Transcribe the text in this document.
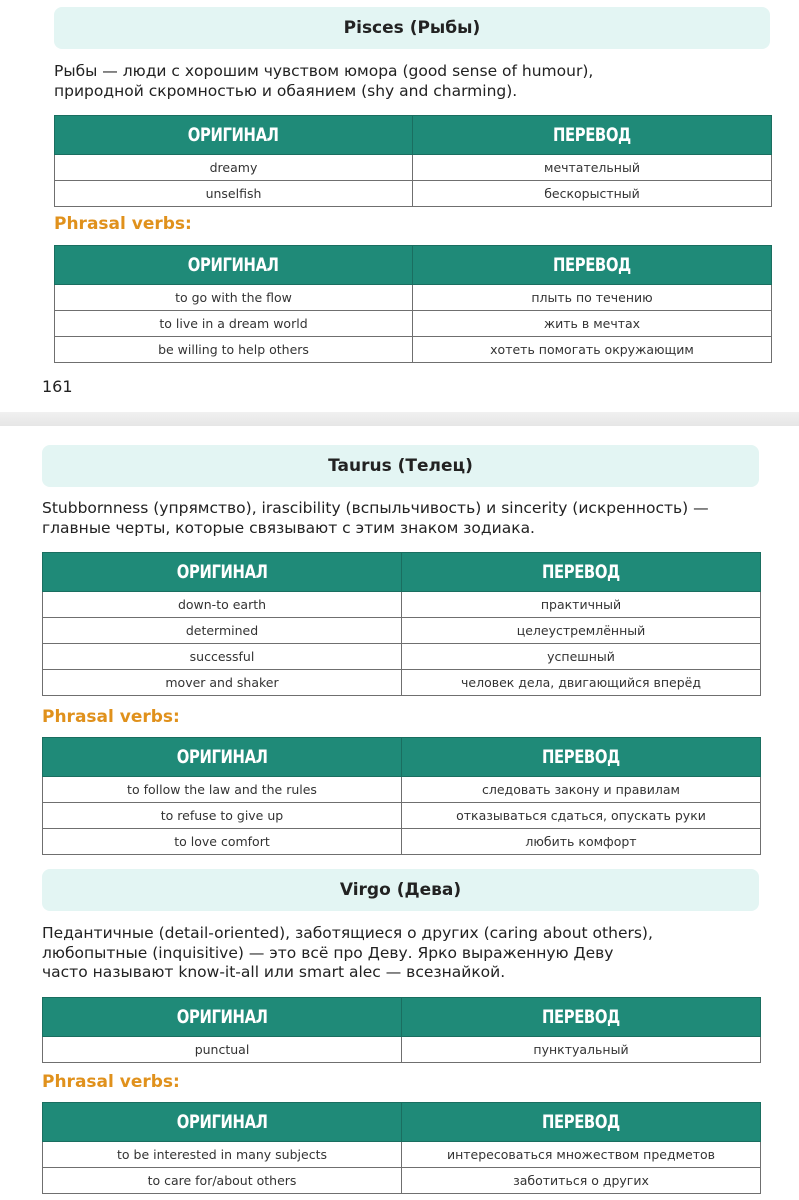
Pisces (Рыбы)
Рыбы — люди с хорошим чувством юмора (good sense of humour),
природной скромностью и обаянием (shy and charming).
ОРИГИНАЛ	ПЕРЕВОД
dreamy	мечтательный
unselfish	бескорыстный
Phrasal verbs:
ОРИГИНАЛ	ПЕРЕВОД
to go with the flow	плыть по течению
to live in a dream world	жить в мечтах
be willing to help others	хотеть помогать окружающим
161
Taurus (Телец)
Stubbornness (упрямство), irascibility (вспыльчивость) и sincerity (искренность) —
главные черты, которые связывают с этим знаком зодиака.
ОРИГИНАЛ	ПЕРЕВОД
down-to earth	практичный
determined	целеустремлённый
successful	успешный
mover and shaker	человек дела, двигающийся вперёд
Phrasal verbs:
ОРИГИНАЛ	ПЕРЕВОД
to follow the law and the rules	следовать закону и правилам
to refuse to give up	отказываться сдаться, опускать руки
to love comfort	любить комфорт
Virgo (Дева)
Педантичные (detail-oriented), заботящиеся о других (caring about others),
любопытные (inquisitive) — это всё про Деву. Ярко выраженную Деву
часто называют know-it-all или smart alec — всезнайкой.
ОРИГИНАЛ	ПЕРЕВОД
punctual	пунктуальный
Phrasal verbs:
ОРИГИНАЛ	ПЕРЕВОД
to be interested in many subjects	интересоваться множеством предметов
to care for/about others	заботиться о других
